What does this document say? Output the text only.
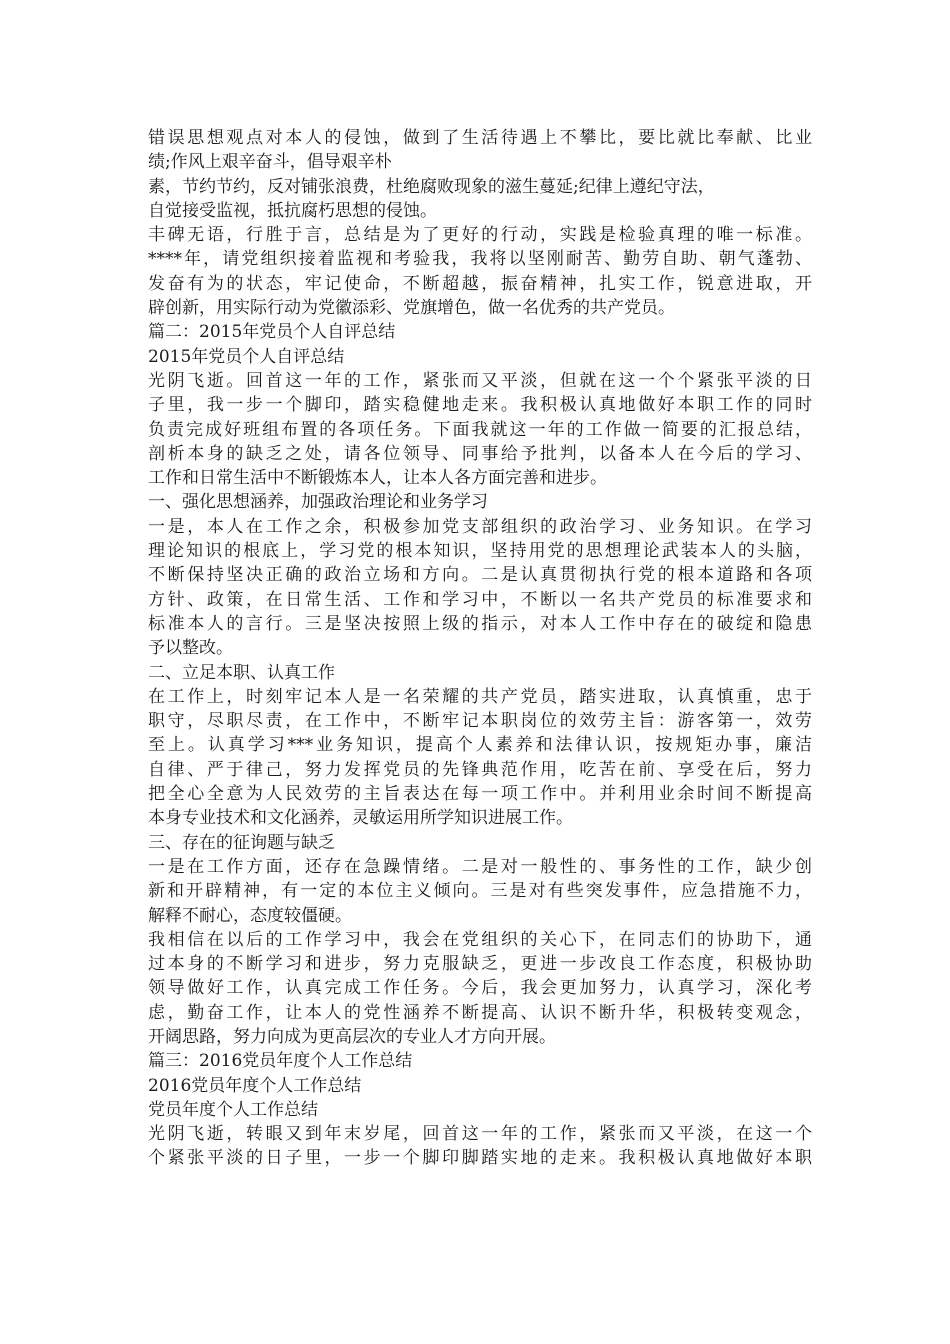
错误思想观点对本人的侵蚀，做到了生活待遇上不攀比，要比就比奉献、比业
绩;作风上艰辛奋斗，倡导艰辛朴
素，节约节约，反对铺张浪费，杜绝腐败现象的滋生蔓延;纪律上遵纪守法，
自觉接受监视，抵抗腐朽思想的侵蚀。
丰碑无语，行胜于言，总结是为了更好的行动，实践是检验真理的唯一标准。
****年，请党组织接着监视和考验我，我将以坚刚耐苦、勤劳自助、朝气蓬勃、
发奋有为的状态，牢记使命，不断超越，振奋精神，扎实工作，锐意进取，开
辟创新，用实际行动为党徽添彩、党旗增色，做一名优秀的共产党员。
篇二：2015年党员个人自评总结
2015年党员个人自评总结
光阴飞逝。回首这一年的工作，紧张而又平淡，但就在这一个个紧张平淡的日
子里，我一步一个脚印，踏实稳健地走来。我积极认真地做好本职工作的同时
负责完成好班组布置的各项任务。下面我就这一年的工作做一简要的汇报总结，
剖析本身的缺乏之处，请各位领导、同事给予批判，以备本人在今后的学习、
工作和日常生活中不断锻炼本人，让本人各方面完善和进步。
一、强化思想涵养，加强政治理论和业务学习
一是，本人在工作之余，积极参加党支部组织的政治学习、业务知识。在学习
理论知识的根底上，学习党的根本知识，坚持用党的思想理论武装本人的头脑，
不断保持坚决正确的政治立场和方向。二是认真贯彻执行党的根本道路和各项
方针、政策，在日常生活、工作和学习中，不断以一名共产党员的标准要求和
标准本人的言行。三是坚决按照上级的指示，对本人工作中存在的破绽和隐患
予以整改。
二、立足本职、认真工作
在工作上，时刻牢记本人是一名荣耀的共产党员，踏实进取，认真慎重，忠于
职守，尽职尽责，在工作中，不断牢记本职岗位的效劳主旨：游客第一，效劳
至上。认真学习***业务知识，提高个人素养和法律认识，按规矩办事，廉洁
自律、严于律己，努力发挥党员的先锋典范作用，吃苦在前、享受在后，努力
把全心全意为人民效劳的主旨表达在每一项工作中。并利用业余时间不断提高
本身专业技术和文化涵养，灵敏运用所学知识进展工作。
三、存在的征询题与缺乏
一是在工作方面，还存在急躁情绪。二是对一般性的、事务性的工作，缺少创
新和开辟精神，有一定的本位主义倾向。三是对有些突发事件，应急措施不力，
解释不耐心，态度较僵硬。
我相信在以后的工作学习中，我会在党组织的关心下，在同志们的协助下，通
过本身的不断学习和进步，努力克服缺乏，更进一步改良工作态度，积极协助
领导做好工作，认真完成工作任务。今后，我会更加努力，认真学习，深化考
虑，勤奋工作，让本人的党性涵养不断提高、认识不断升华，积极转变观念，
开阔思路，努力向成为更高层次的专业人才方向开展。
篇三：2016党员年度个人工作总结
2016党员年度个人工作总结
党员年度个人工作总结
光阴飞逝，转眼又到年末岁尾，回首这一年的工作，紧张而又平淡，在这一个
个紧张平淡的日子里，一步一个脚印脚踏实地的走来。我积极认真地做好本职
